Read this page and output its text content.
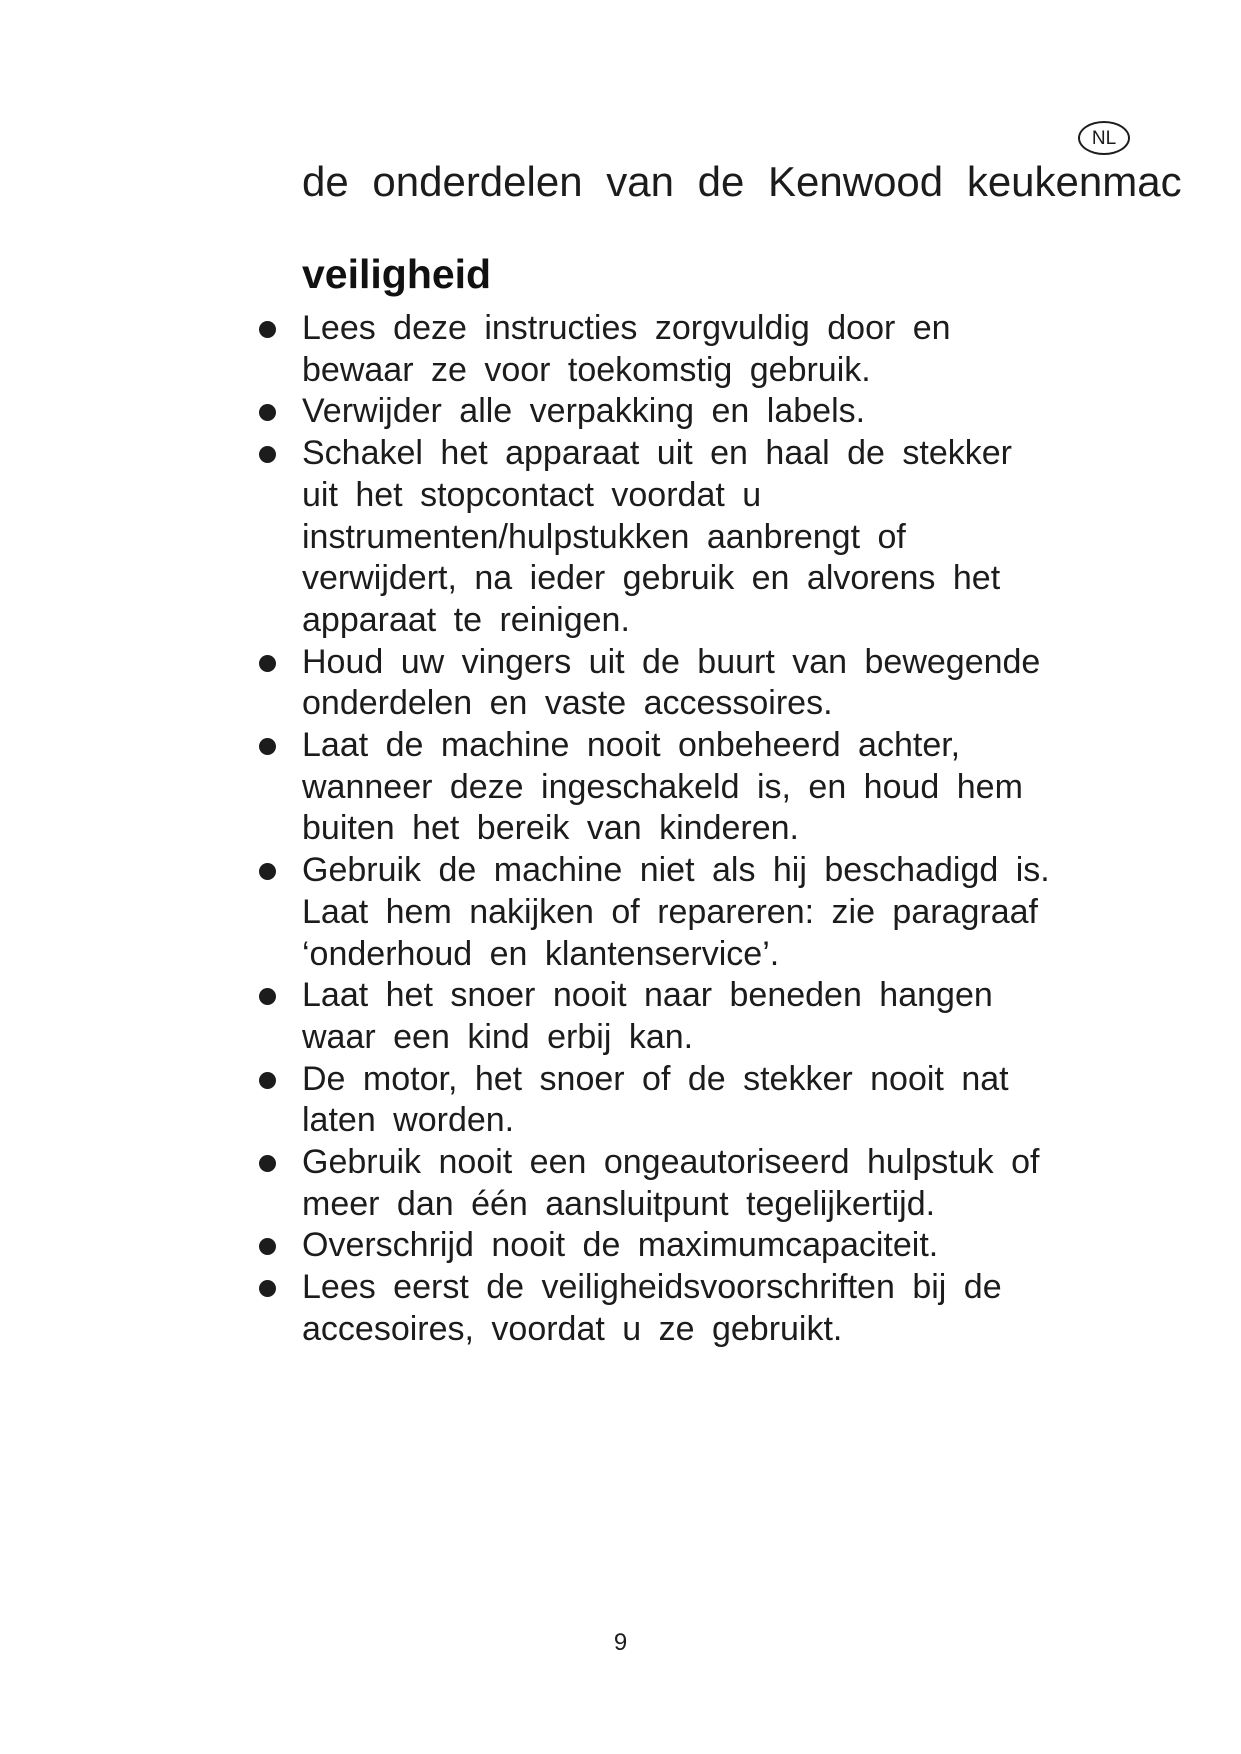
NL
de onderdelen van de Kenwood keukenmac
veiligheid
Lees deze instructies zorgvuldig door en bewaar ze voor toekomstig gebruik.
Verwijder alle verpakking en labels.
Schakel het apparaat uit en haal de stekker uit het stopcontact voordat u instrumenten/hulpstukken aanbrengt of verwijdert, na ieder gebruik en alvorens het apparaat te reinigen.
Houd uw vingers uit de buurt van bewegende onderdelen en vaste accessoires.
Laat de machine nooit onbeheerd achter, wanneer deze ingeschakeld is, en houd hem buiten het bereik van kinderen.
Gebruik de machine niet als hij beschadigd is. Laat hem nakijken of repareren: zie paragraaf ‘onderhoud en klantenservice’.
Laat het snoer nooit naar beneden hangen waar een kind erbij kan.
De motor, het snoer of de stekker nooit nat laten worden.
Gebruik nooit een ongeautoriseerd hulpstuk of meer dan één aansluitpunt tegelijkertijd.
Overschrijd nooit de maximumcapaciteit.
Lees eerst de veiligheidsvoorschriften bij de accesoires, voordat u ze gebruikt.
9
